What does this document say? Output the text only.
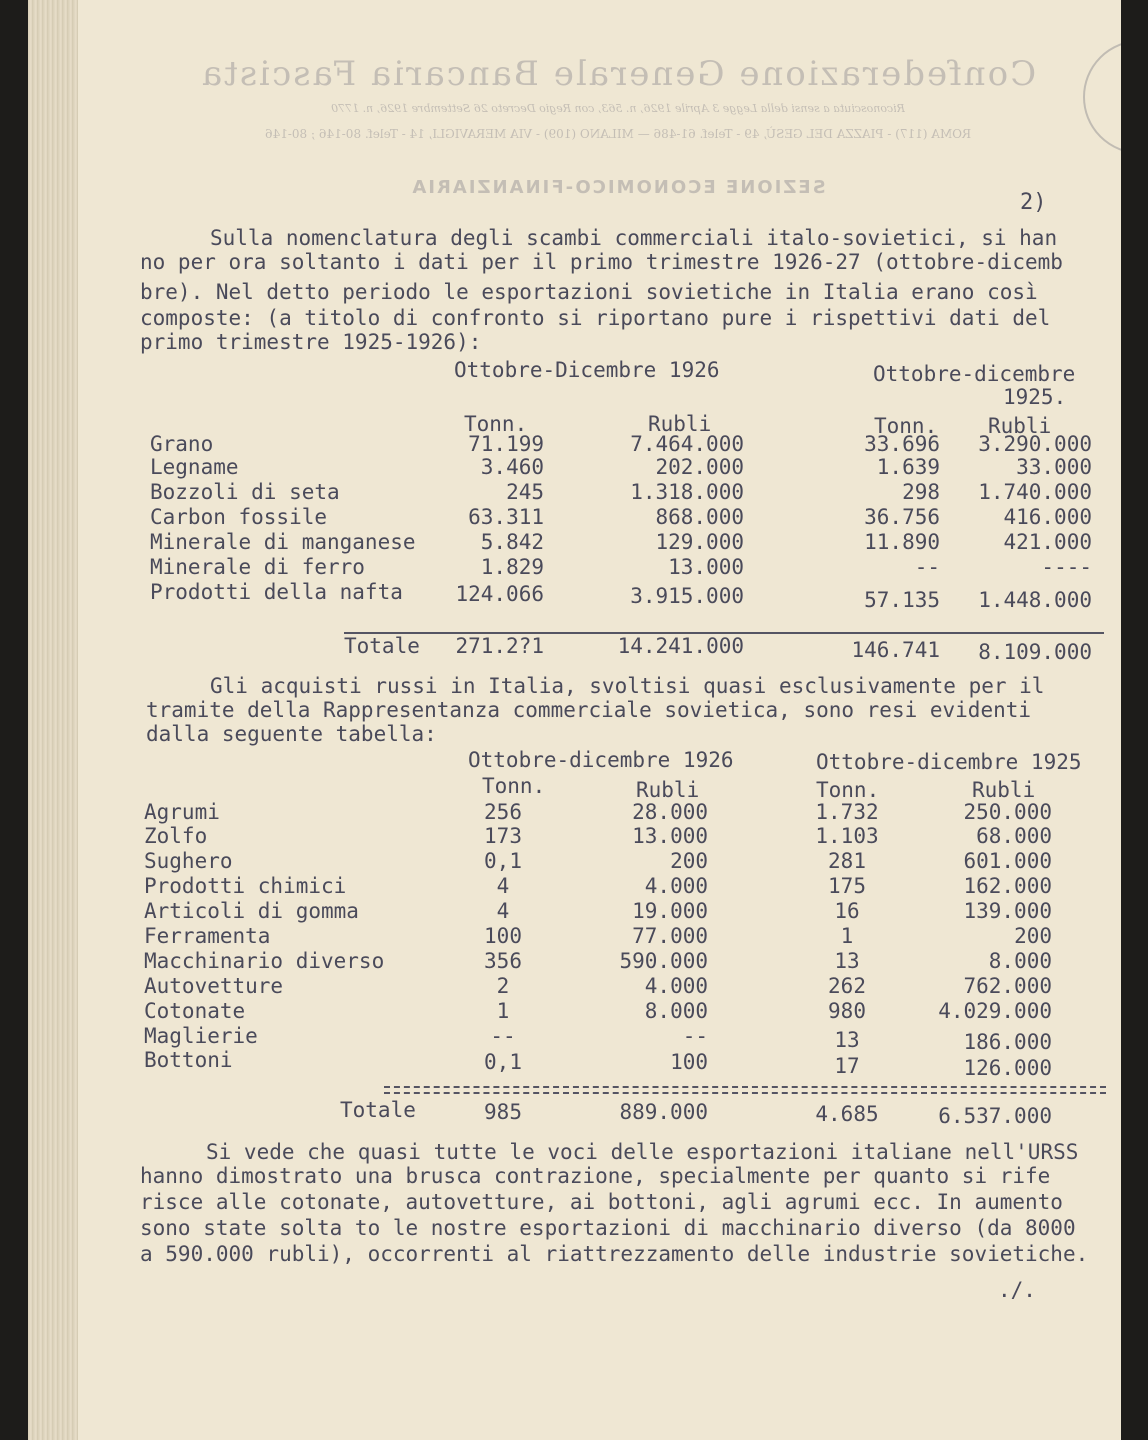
Confederazione Generale Bancaria Fascista
Riconosciuta a sensi della Legge 3 Aprile 1926, n. 563, con Regio Decreto 26 Settembre 1926, n. 1770
ROMA (117) - PIAZZA DEL GESÙ, 49 - Telef. 61-486 — MILANO (109) - VIA MERAVIGLI, 14 - Telef. 80-146 ; 80-146
SEZIONE ECONOMICO-FINANZIARIA
2)
Sulla nomenclatura degli scambi commerciali italo-sovietici, si han
no per ora soltanto i dati per il primo trimestre 1926-27 (ottobre-dicemb
bre). Nel detto periodo le esportazioni sovietiche in Italia erano così
composte: (a titolo di confronto si riportano pure i rispettivi dati del
primo trimestre 1925-1926):
Ottobre-Dicembre 1926	Ottobre-dicembre
1925.
Tonn.	Rubli	Tonn. Rubli
Grano	71.199	7.464.000	33.696	3.290.000
Legname	3.460	202.000	1.639	33.000
Bozzoli di seta	245	1.318.000	298	1.740.000
Carbon fossile	63.311	868.000	36.756	416.000
Minerale di manganese	5.842	129.000	11.890	421.000
Minerale di ferro	1.829	13.000	--	----
Prodotti della nafta	124.066	3.915.000	57.135	1.448.000
Totale	271.2?1	14.241.000	146.741	8.109.000
Gli acquisti russi in Italia, svoltisi quasi esclusivamente per il
tramite della Rappresentanza commerciale sovietica, sono resi evidenti
dalla seguente tabella:
Ottobre-dicembre 1926	Ottobre-dicembre 1925
Tonn.	Rubli	Tonn.	Rubli
Agrumi	256	28.000	1.732	250.000
Zolfo	173	13.000	1.103	68.000
Sughero	0,1	200	281	601.000
Prodotti chimici	4	4.000	175	162.000
Articoli di gomma	4	19.000	16	139.000
Ferramenta	100	77.000	1	200
Macchinario diverso	356	590.000	13	8.000
Autovetture	2	4.000	262	762.000
Cotonate	1	8.000	980	4.029.000
Maglierie	--	--	13	186.000
Bottoni	0,1	100	17	126.000
Totale	985	889.000	4.685	6.537.000
Si vede che quasi tutte le voci delle esportazioni italiane nell'URSS
hanno dimostrato una brusca contrazione, specialmente per quanto si rife
risce alle cotonate, autovetture, ai bottoni, agli agrumi ecc. In aumento
sono state solta to le nostre esportazioni di macchinario diverso (da 8000
a 590.000 rubli), occorrenti al riattrezzamento delle industrie sovietiche.
./.
